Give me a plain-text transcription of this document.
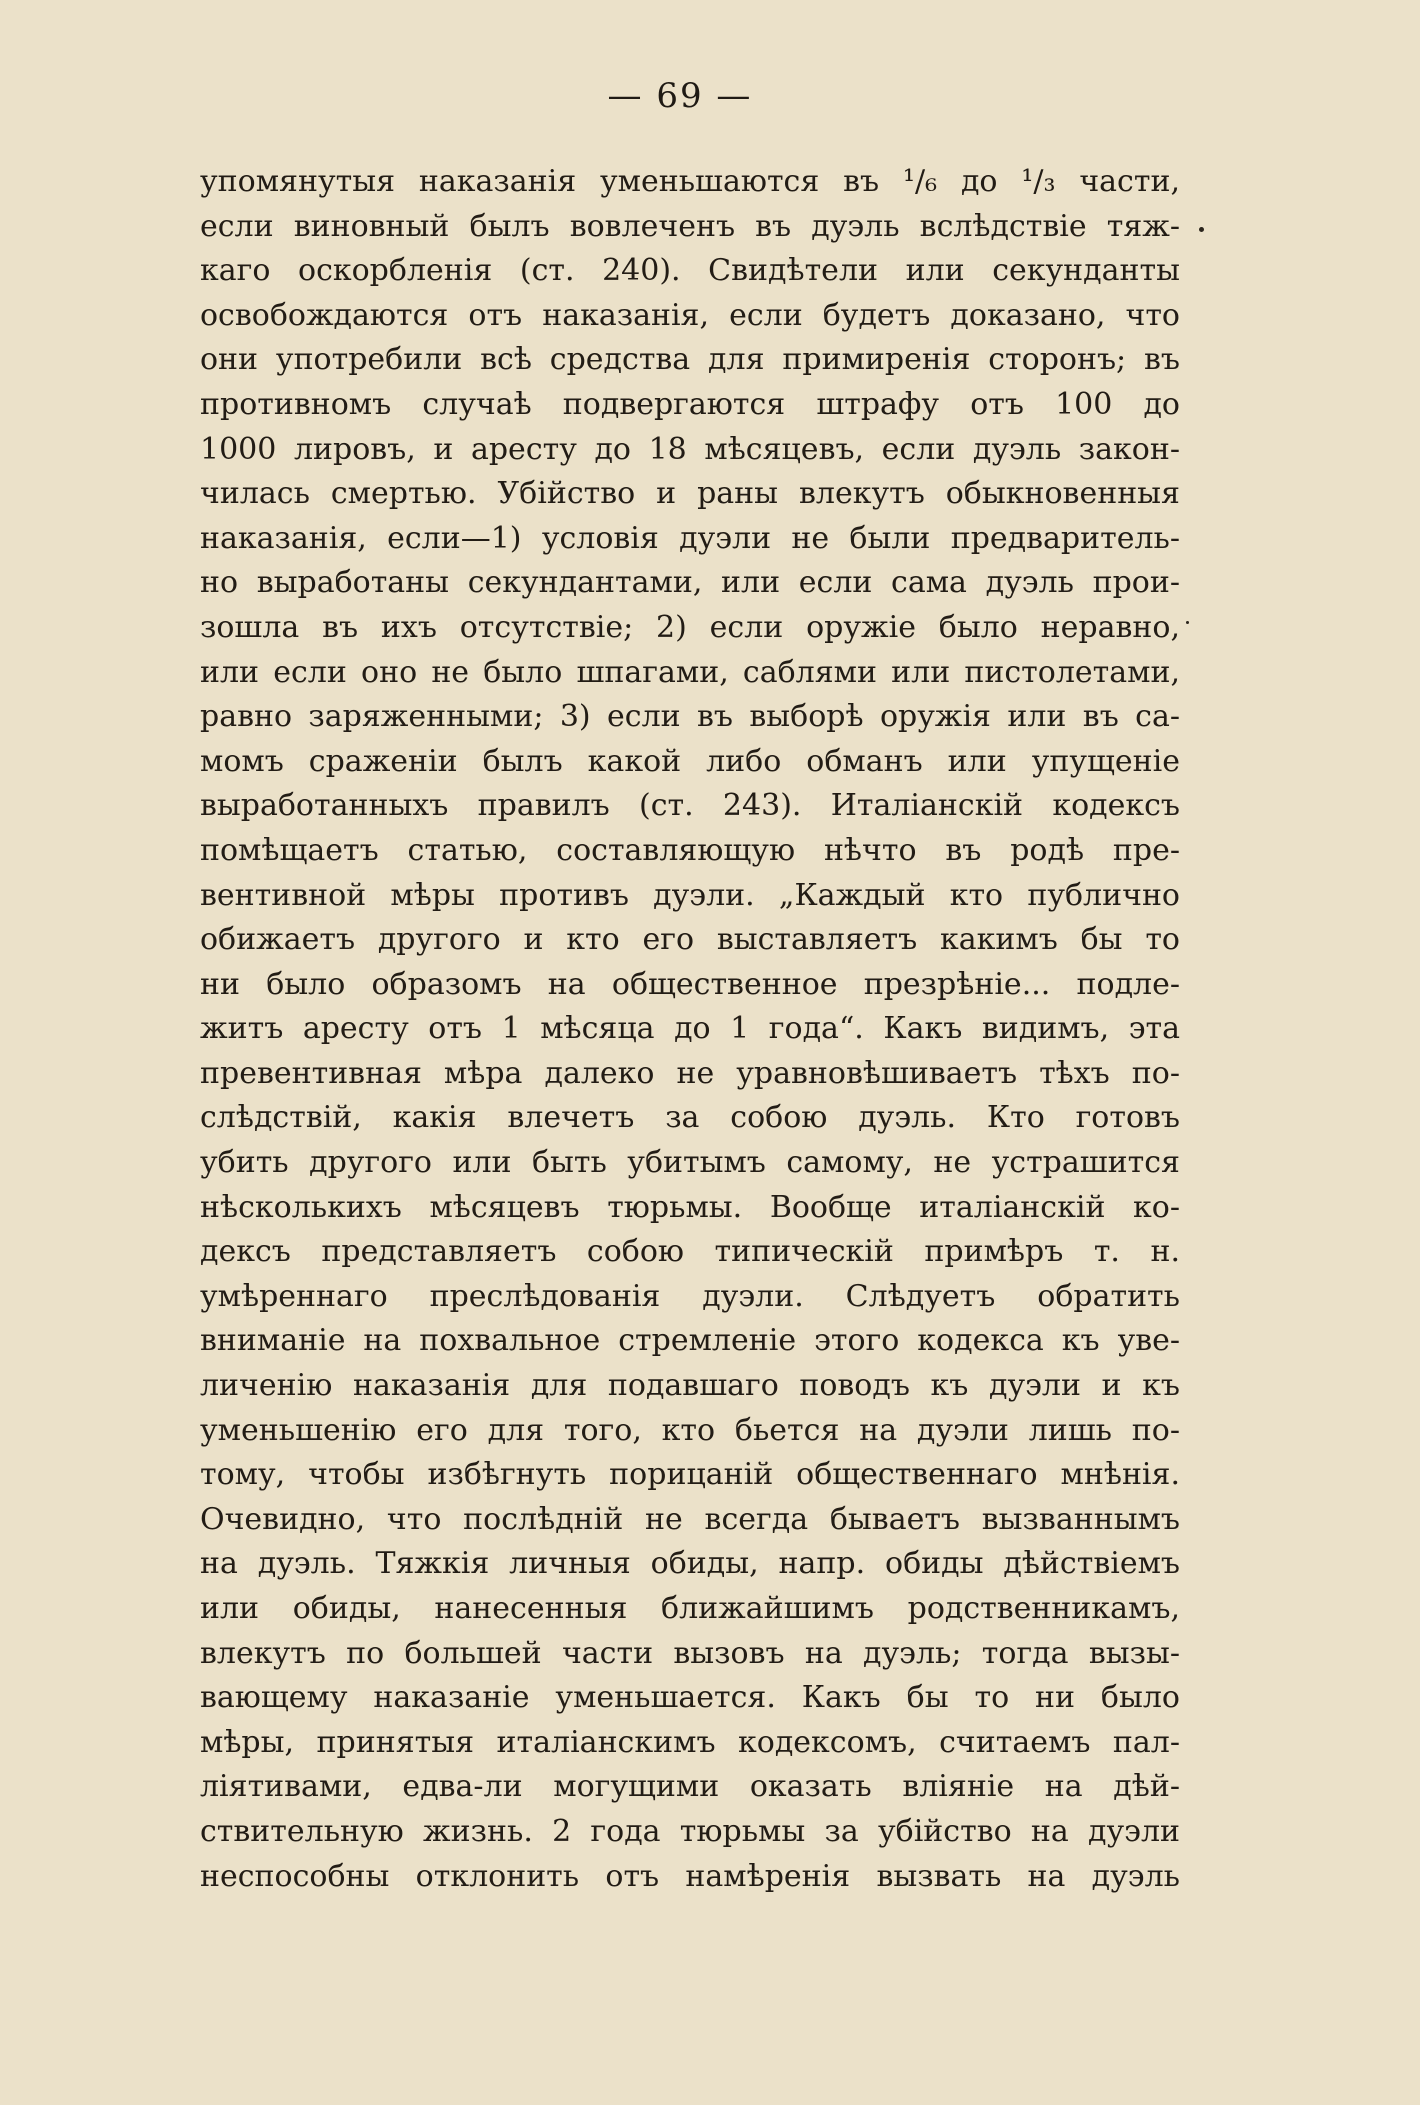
— 69 —
упомянутыя наказанія уменьшаются въ ¹/₆ до ¹/₃ части,
если виновный былъ вовлеченъ въ дуэль вслѣдствіе тяж-
каго оскорбленія (ст. 240). Свидѣтели или секунданты
освобождаются отъ наказанія, если будетъ доказано, что
они употребили всѣ средства для примиренія сторонъ; въ
противномъ случаѣ подвергаются штрафу отъ 100 до
1000 лировъ, и аресту до 18 мѣсяцевъ, если дуэль закон-
чилась смертью. Убійство и раны влекутъ обыкновенныя
наказанія, если—1) условія дуэли не были предваритель-
но выработаны секундантами, или если сама дуэль прои-
зошла въ ихъ отсутствіе; 2) если оружіе было неравно,
или если оно не было шпагами, саблями или пистолетами,
равно заряженными; 3) если въ выборѣ оружія или въ са-
момъ сраженіи былъ какой либо обманъ или упущеніе
выработанныхъ правилъ (ст. 243). Италіанскій кодексъ
помѣщаетъ статью, составляющую нѣчто въ родѣ пре-
вентивной мѣры противъ дуэли. „Каждый кто публично
обижаетъ другого и кто его выставляетъ какимъ бы то
ни было образомъ на общественное презрѣніе... подле-
житъ аресту отъ 1 мѣсяца до 1 года“. Какъ видимъ, эта
превентивная мѣра далеко не уравновѣшиваетъ тѣхъ по-
слѣдствій, какія влечетъ за собою дуэль. Кто готовъ
убить другого или быть убитымъ самому, не устрашится
нѣсколькихъ мѣсяцевъ тюрьмы. Вообще италіанскій ко-
дексъ представляетъ собою типическій примѣръ т. н.
умѣреннаго преслѣдованія дуэли. Слѣдуетъ обратить
вниманіе на похвальное стремленіе этого кодекса къ уве-
личенію наказанія для подавшаго поводъ къ дуэли и къ
уменьшенію его для того, кто бьется на дуэли лишь по-
тому, чтобы избѣгнуть порицаній общественнаго мнѣнія.
Очевидно, что послѣдній не всегда бываетъ вызваннымъ
на дуэль. Тяжкія личныя обиды, напр. обиды дѣйствіемъ
или обиды, нанесенныя ближайшимъ родственникамъ,
влекутъ по большей части вызовъ на дуэль; тогда вызы-
вающему наказаніе уменьшается. Какъ бы то ни было
мѣры, принятыя италіанскимъ кодексомъ, считаемъ пал-
ліятивами, едва-ли могущими оказать вліяніе на дѣй-
ствительную жизнь. 2 года тюрьмы за убійство на дуэли
неспособны отклонить отъ намѣренія вызвать на дуэль
